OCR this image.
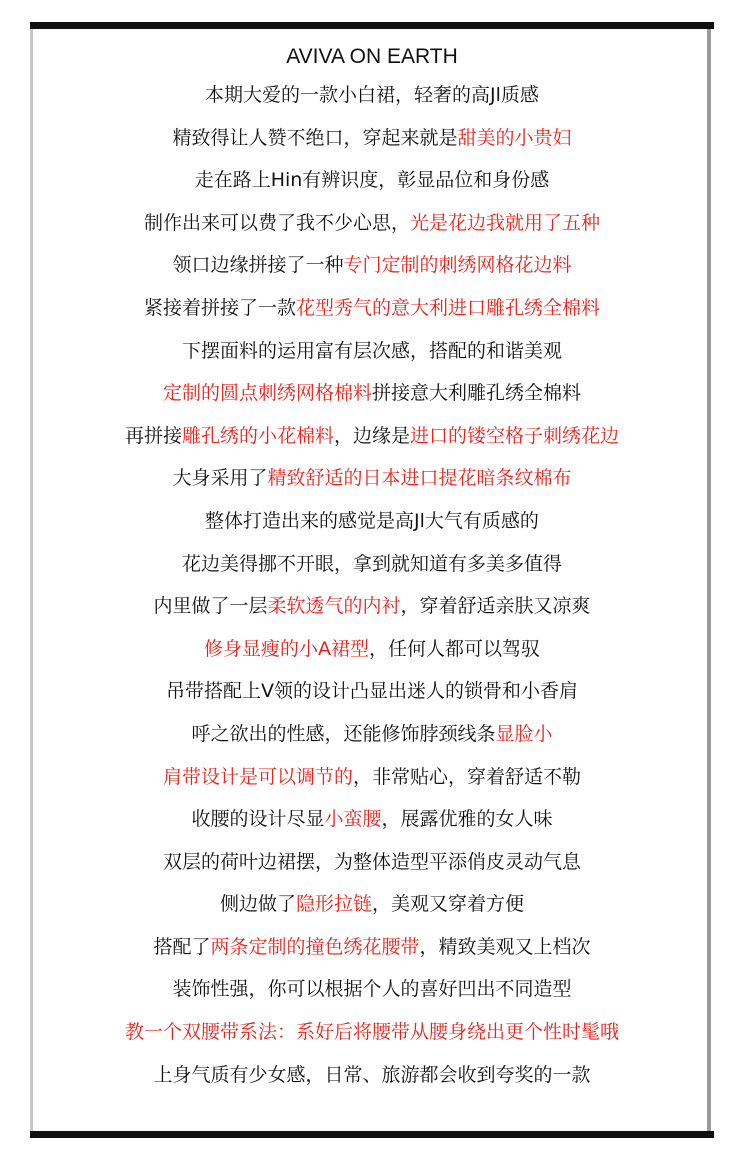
AVIVA ON EARTH

本期大爱的一款小白裙，轻奢的高Jl质感

精致得让人赞不绝口，穿起来就是甜美的小贵妇

走在路上Hin有辨识度，彰显品位和身份感

制作出来可以费了我不少心思，光是花边我就用了五种

领口边缘拼接了一种专门定制的刺绣网格花边料

紧接着拼接了一款花型秀气的意大利进口雕孔绣全棉料

下摆面料的运用富有层次感，搭配的和谐美观

定制的圆点刺绣网格棉料拼接意大利雕孔绣全棉料

再拼接雕孔绣的小花棉料，边缘是进口的镂空格子刺绣花边

大身采用了精致舒适的日本进口提花暗条纹棉布

整体打造出来的感觉是高Jl大气有质感的

花边美得挪不开眼，拿到就知道有多美多值得

内里做了一层柔软透气的内衬，穿着舒适亲肤又凉爽

修身显瘦的小A裙型，任何人都可以驾驭

吊带搭配上V领的设计凸显出迷人的锁骨和小香肩

呼之欲出的性感，还能修饰脖颈线条显脸小

肩带设计是可以调节的，非常贴心，穿着舒适不勒

收腰的设计尽显小蛮腰，展露优雅的女人味

双层的荷叶边裙摆，为整体造型平添俏皮灵动气息

侧边做了隐形拉链，美观又穿着方便

搭配了两条定制的撞色绣花腰带，精致美观又上档次

装饰性强，你可以根据个人的喜好凹出不同造型

教一个双腰带系法：系好后将腰带从腰身绕出更个性时髦哦

上身气质有少女感，日常、旅游都会收到夸奖的一款
